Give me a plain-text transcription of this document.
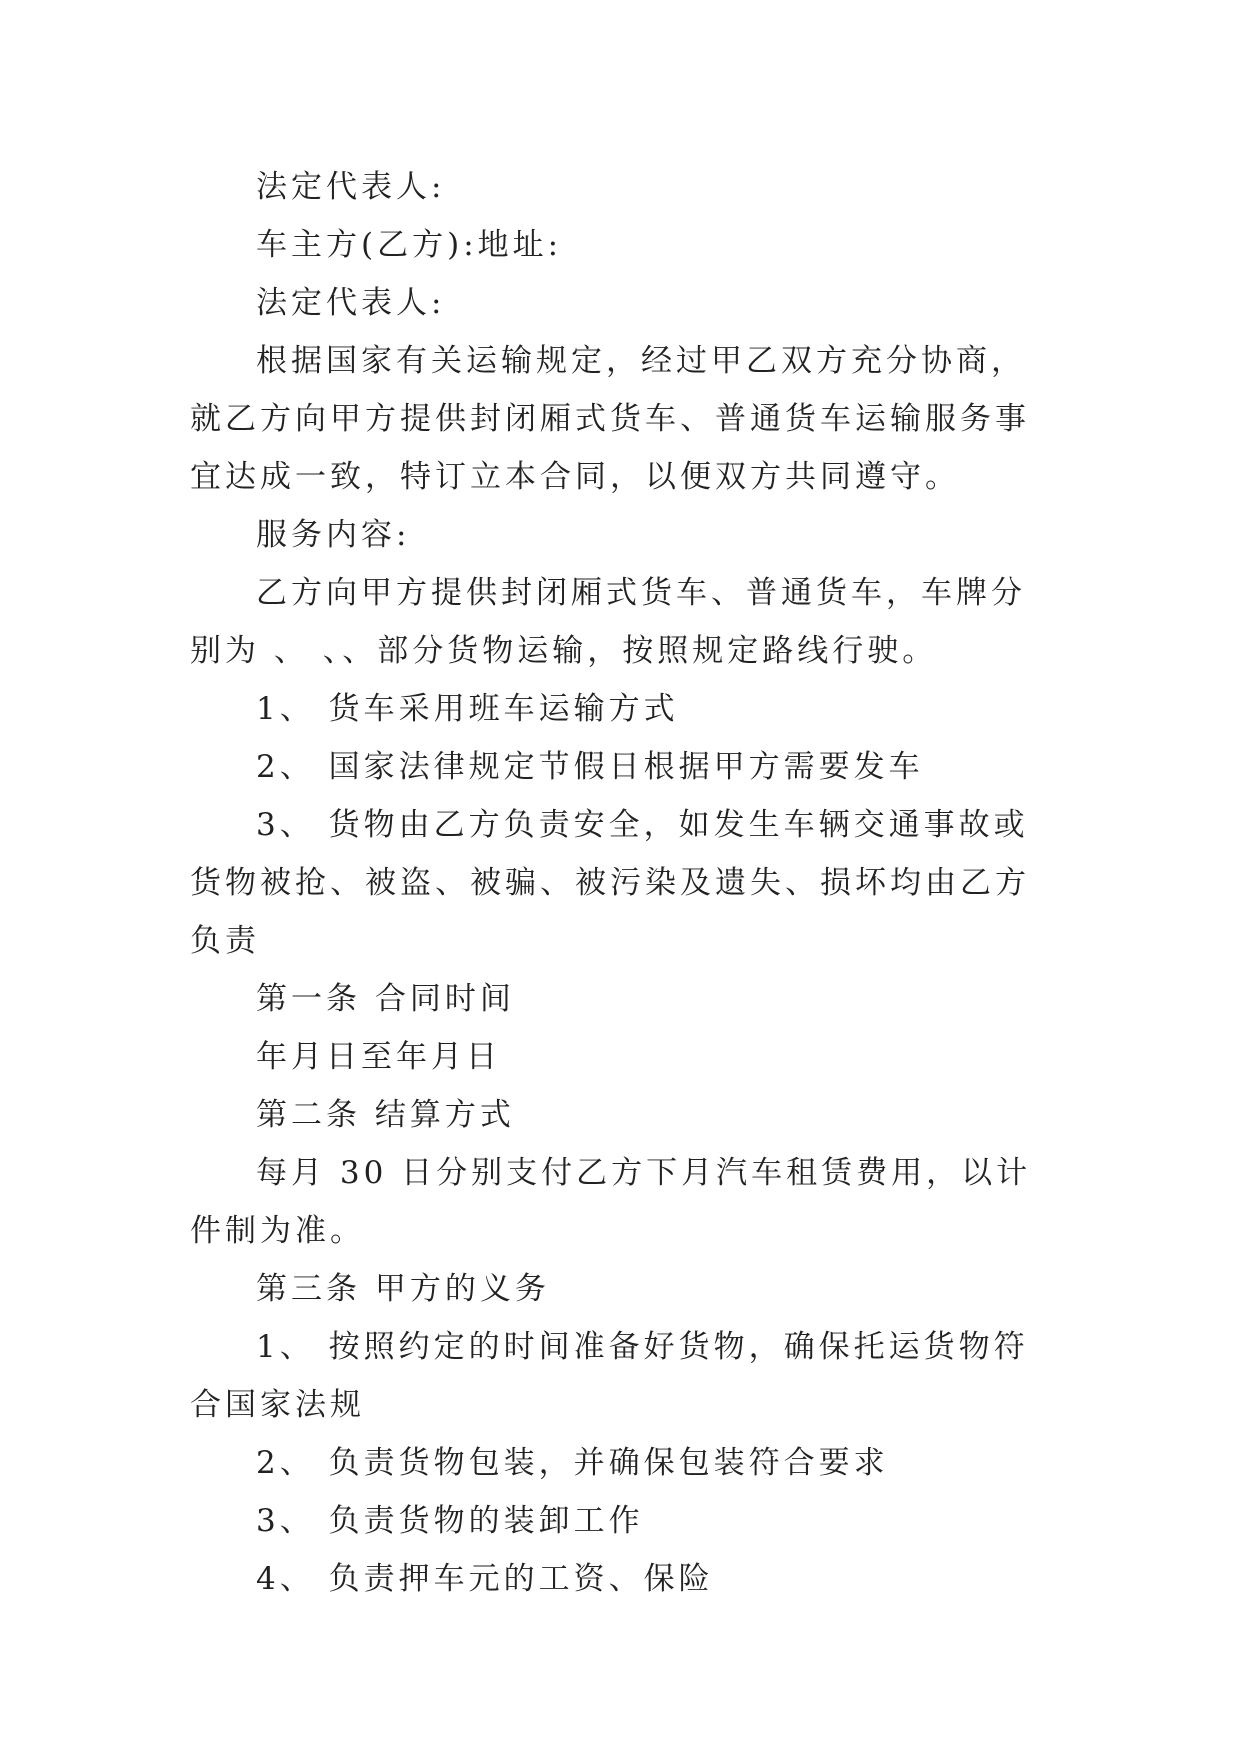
法定代表人:

车主方(乙方):地址:

法定代表人:

根据国家有关运输规定，经过甲乙双方充分协商，就乙方向甲方提供封闭厢式货车、普通货车运输服务事宜达成一致，特订立本合同，以便双方共同遵守。

服务内容:

乙方向甲方提供封闭厢式货车、普通货车，车牌分别为 、 、、部分货物运输，按照规定路线行驶。

1、 货车采用班车运输方式

2、 国家法律规定节假日根据甲方需要发车

3、 货物由乙方负责安全，如发生车辆交通事故或货物被抢、被盗、被骗、被污染及遗失、损坏均由乙方负责

第一条 合同时间

年月日至年月日

第二条 结算方式

每月 30 日分别支付乙方下月汽车租赁费用，以计件制为准。

第三条 甲方的义务

1、 按照约定的时间准备好货物，确保托运货物符合国家法规

2、 负责货物包装，并确保包装符合要求

3、 负责货物的装卸工作

4、 负责押车元的工资、保险
